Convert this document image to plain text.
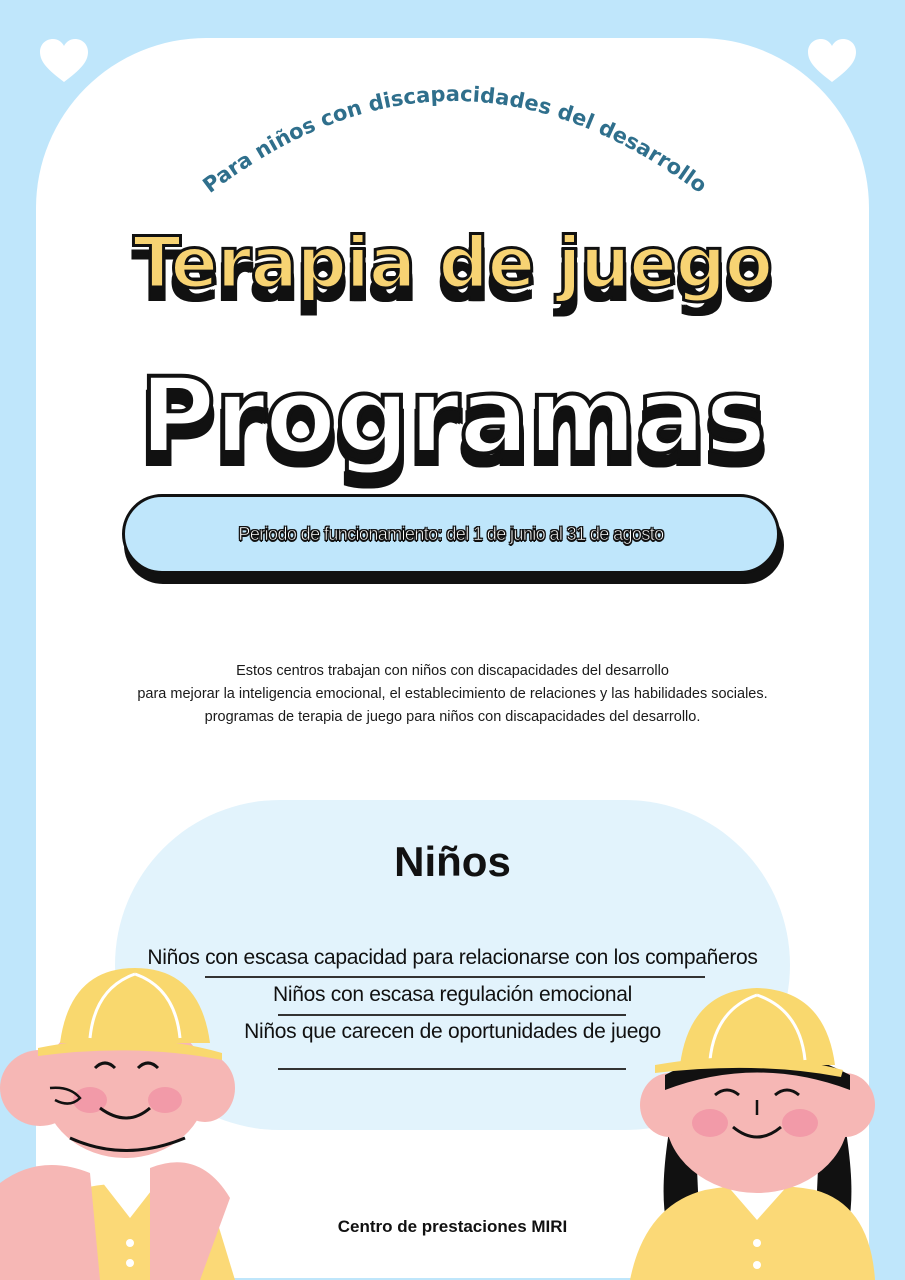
Para niños con discapacidades del desarrollo
Terapia de juego
Programas
Periodo de funcionamiento: del 1 de junio al 31 de agosto
Estos centros trabajan con niños con discapacidades del desarrollo
para mejorar la inteligencia emocional, el establecimiento de relaciones y las habilidades sociales.
programas de terapia de juego para niños con discapacidades del desarrollo.
Niños
Niños con escasa capacidad para relacionarse con los compañeros
Niños con escasa regulación emocional
Niños que carecen de oportunidades de juego
Centro de prestaciones MIRI
